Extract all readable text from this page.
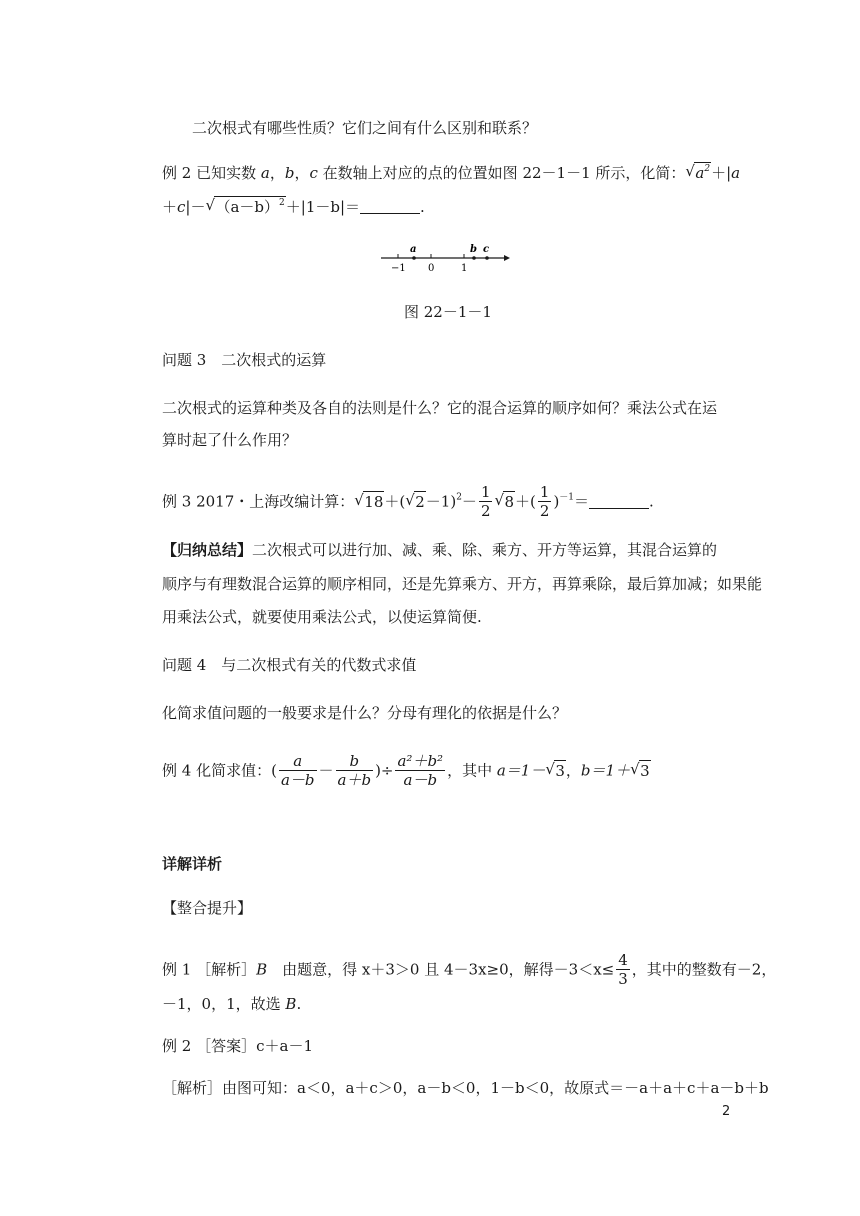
二次根式有哪些性质？它们之间有什么区别和联系？
例 2 已知实数 a，b，c 在数轴上对应的点的位置如图 22－1－1 所示，化简： √ $a^2+|a$
＋c|－ √ $(a-b)^2+|1-b|=$	.
a	b c
−1 0	1
图 22－1－1
问题 3　二次根式的运算
二次根式的运算种类及各自的法则是什么？它的混合运算的顺序如何？乘法公式在运
算时起了什么作用？
例 3 2017・上海改编计算： √ 18＋( √ $2-1)^2- \frac{1}{2}$ √ $8+( \frac{1}{2} )^{-1}=$	.
【归纳总结】二次根式可以进行加、减、乘、除、乘方、开方等运算，其混合运算的
顺序与有理数混合运算的顺序相同，还是先算乘方、开方，再算乘除，最后算加减；如果能
用乘法公式，就要使用乘法公式，以使运算简便.
问题 4　与二次根式有关的代数式求值
化简求值问题的一般要求是什么？分母有理化的依据是什么？
例 4 化简求值：( $\frac{a}{a-b} - \frac{b}{a+b}$ )÷ $\frac{\text{a²＋b²}}{a-b}$ ，其中 a＝1－ √ 3，b＝1＋ √ 3
详解详析
【整合提升】
例 1 ［解析］B　由题意，得 x＋3＞0 且 4－3x≥0，解得$-3<x\le \frac{4}{3}$ ，其中的整数有－2，
－1，0，1，故选 B.
例 2 ［答案］c＋a－1
［解析］由图可知：a＜0，a＋c＞0，a－b＜0，1－b＜0，故原式＝－a＋a＋c＋a－b＋b
2
